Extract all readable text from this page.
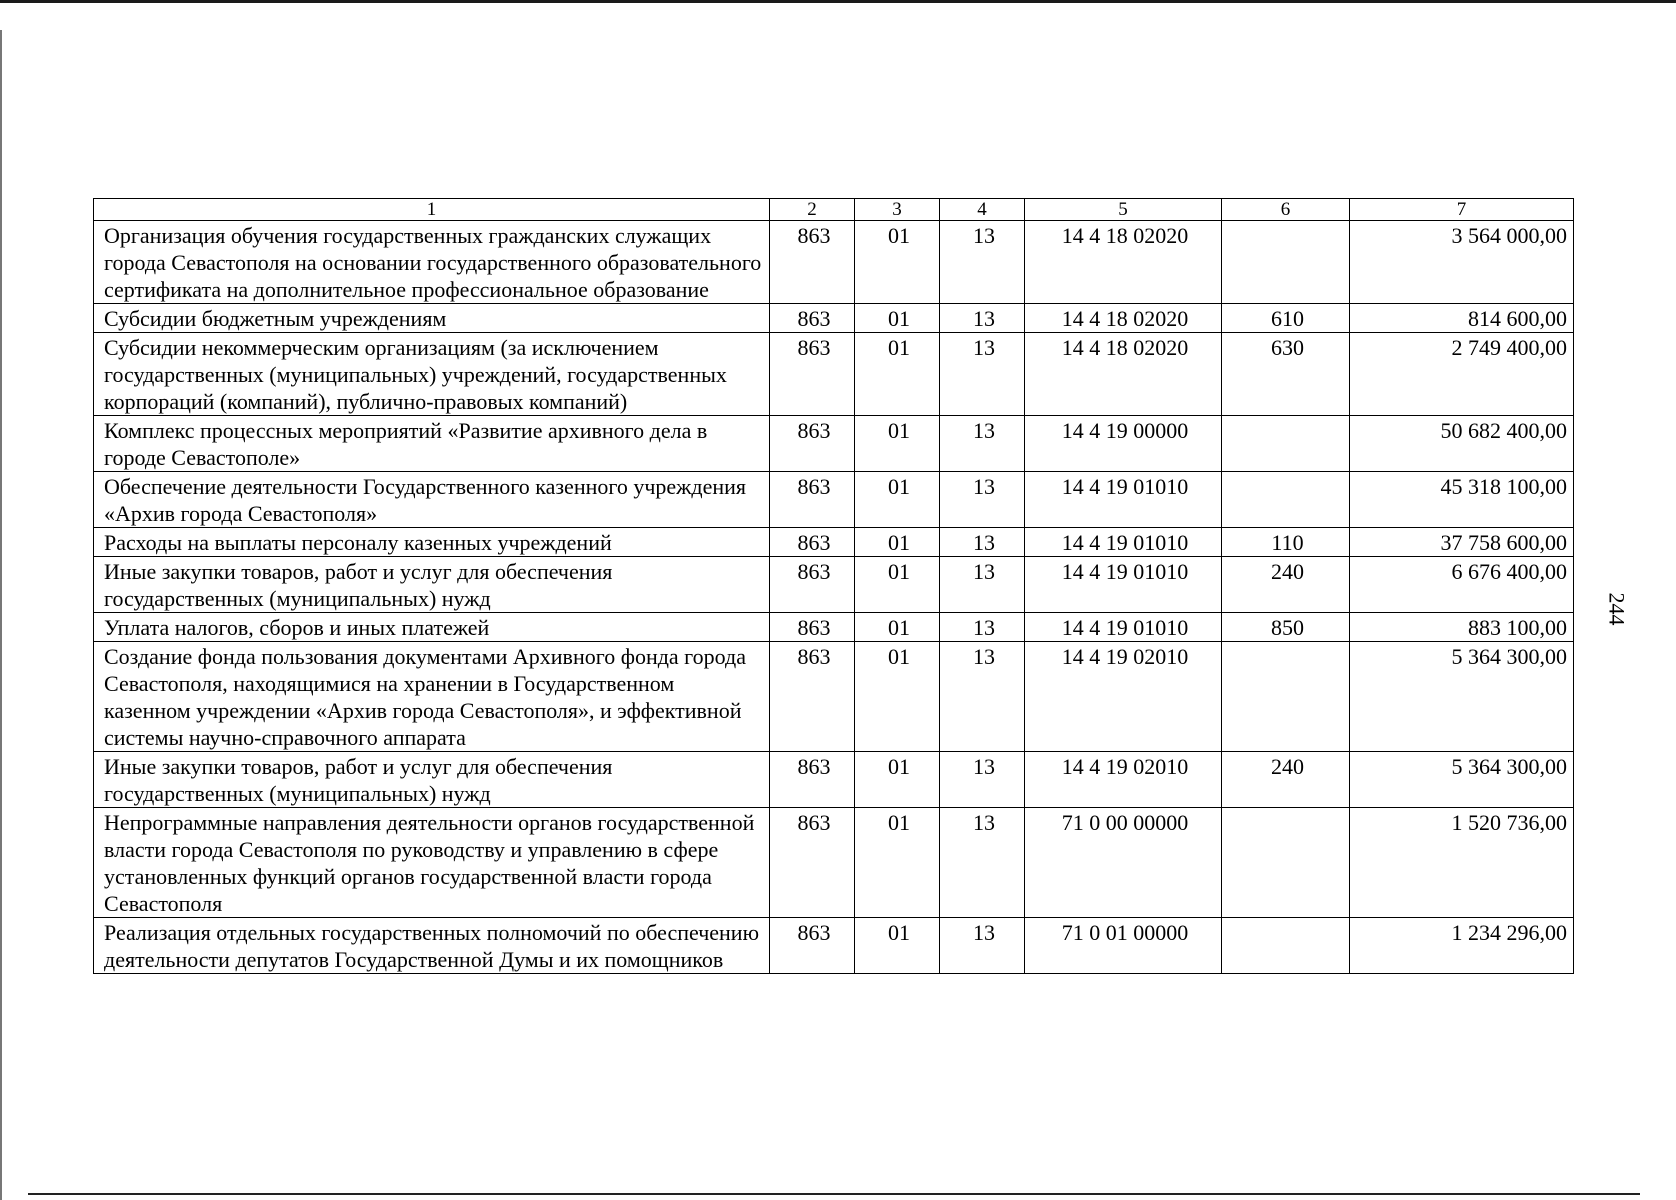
244
1	2	3	4	5	6	7
Организация обучения государственных гражданских служащих города Севастополя на основании государственного образовательного сертификата на дополнительное профессиональное образование	863	01	13	14 4 18 02020		3 564 000,00
Субсидии бюджетным учреждениям	863	01	13	14 4 18 02020	610	814 600,00
Субсидии некоммерческим организациям (за исключением государственных (муниципальных) учреждений, государственных корпораций (компаний), публично-правовых компаний)	863	01	13	14 4 18 02020	630	2 749 400,00
Комплекс процессных мероприятий «Развитие архивного дела в городе Севастополе»	863	01	13	14 4 19 00000		50 682 400,00
Обеспечение деятельности Государственного казенного учреждения «Архив города Севастополя»	863	01	13	14 4 19 01010		45 318 100,00
Расходы на выплаты персоналу казенных учреждений	863	01	13	14 4 19 01010	110	37 758 600,00
Иные закупки товаров, работ и услуг для обеспечения государственных (муниципальных) нужд	863	01	13	14 4 19 01010	240	6 676 400,00
Уплата налогов, сборов и иных платежей	863	01	13	14 4 19 01010	850	883 100,00
Создание фонда пользования документами Архивного фонда города Севастополя, находящимися на хранении в Государственном казенном учреждении «Архив города Севастополя», и эффективной системы научно-справочного аппарата	863	01	13	14 4 19 02010		5 364 300,00
Иные закупки товаров, работ и услуг для обеспечения государственных (муниципальных) нужд	863	01	13	14 4 19 02010	240	5 364 300,00
Непрограммные направления деятельности органов государственной власти города Севастополя по руководству и управлению в сфере установленных функций органов государственной власти города Севастополя	863	01	13	71 0 00 00000		1 520 736,00
Реализация отдельных государственных полномочий по обеспечению деятельности депутатов Государственной Думы и их помощников	863	01	13	71 0 01 00000		1 234 296,00
